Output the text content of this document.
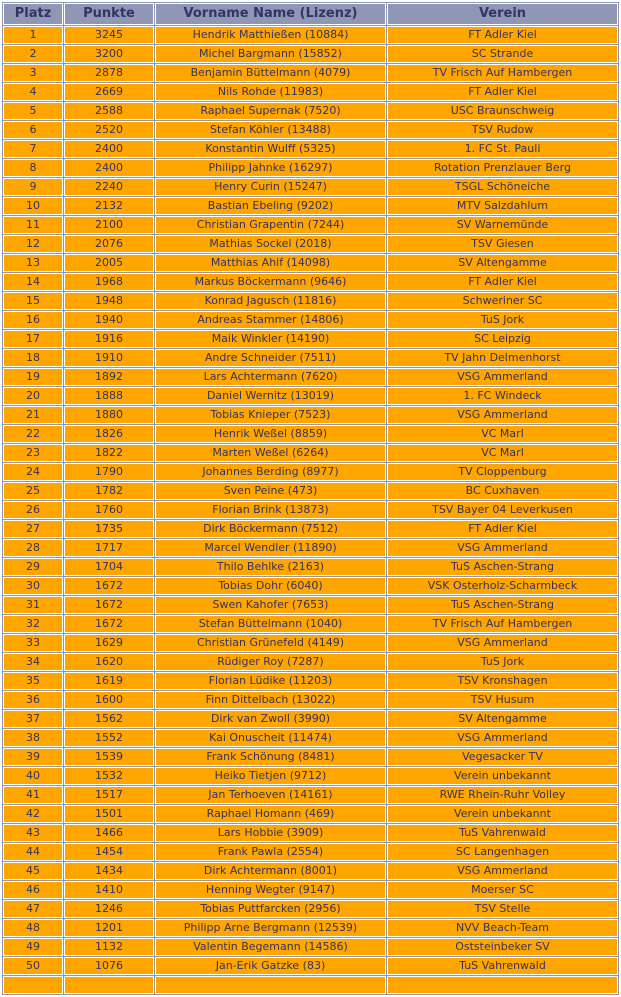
Platz	Punkte	Vorname Name (Lizenz)	Verein
1	3245	Hendrik Matthießen (10884)	FT Adler Kiel
2	3200	Michel Bargmann (15852)	SC Strande
3	2878	Benjamin Büttelmann (4079)	TV Frisch Auf Hambergen
4	2669	Nils Rohde (11983)	FT Adler Kiel
5	2588	Raphael Supernak (7520)	USC Braunschweig
6	2520	Stefan Köhler (13488)	TSV Rudow
7	2400	Konstantin Wulff (5325)	1. FC St. Pauli
8	2400	Philipp Jahnke (16297)	Rotation Prenzlauer Berg
9	2240	Henry Curin (15247)	TSGL Schöneiche
10	2132	Bastian Ebeling (9202)	MTV Salzdahlum
11	2100	Christian Grapentin (7244)	SV Warnemünde
12	2076	Mathias Sockel (2018)	TSV Giesen
13	2005	Matthias Ahlf (14098)	SV Altengamme
14	1968	Markus Böckermann (9646)	FT Adler Kiel
15	1948	Konrad Jagusch (11816)	Schweriner SC
16	1940	Andreas Stammer (14806)	TuS Jork
17	1916	Maik Winkler (14190)	SC Leipzig
18	1910	Andre Schneider (7511)	TV Jahn Delmenhorst
19	1892	Lars Achtermann (7620)	VSG Ammerland
20	1888	Daniel Wernitz (13019)	1. FC Windeck
21	1880	Tobias Knieper (7523)	VSG Ammerland
22	1826	Henrik Weßel (8859)	VC Marl
23	1822	Marten Weßel (6264)	VC Marl
24	1790	Johannes Berding (8977)	TV Cloppenburg
25	1782	Sven Peine (473)	BC Cuxhaven
26	1760	Florian Brink (13873)	TSV Bayer 04 Leverkusen
27	1735	Dirk Böckermann (7512)	FT Adler Kiel
28	1717	Marcel Wendler (11890)	VSG Ammerland
29	1704	Thilo Behlke (2163)	TuS Aschen-Strang
30	1672	Tobias Dohr (6040)	VSK Osterholz-Scharmbeck
31	1672	Swen Kahofer (7653)	TuS Aschen-Strang
32	1672	Stefan Büttelmann (1040)	TV Frisch Auf Hambergen
33	1629	Christian Grünefeld (4149)	VSG Ammerland
34	1620	Rüdiger Roy (7287)	TuS Jork
35	1619	Florian Lüdike (11203)	TSV Kronshagen
36	1600	Finn Dittelbach (13022)	TSV Husum
37	1562	Dirk van Zwoll (3990)	SV Altengamme
38	1552	Kai Onuscheit (11474)	VSG Ammerland
39	1539	Frank Schönung (8481)	Vegesacker TV
40	1532	Heiko Tietjen (9712)	Verein unbekannt
41	1517	Jan Terhoeven (14161)	RWE Rhein-Ruhr Volley
42	1501	Raphael Homann (469)	Verein unbekannt
43	1466	Lars Hobbie (3909)	TuS Vahrenwald
44	1454	Frank Pawla (2554)	SC Langenhagen
45	1434	Dirk Achtermann (8001)	VSG Ammerland
46	1410	Henning Wegter (9147)	Moerser SC
47	1246	Tobias Puttfarcken (2956)	TSV Stelle
48	1201	Philipp Arne Bergmann (12539)	NVV Beach-Team
49	1132	Valentin Begemann (14586)	Oststeinbeker SV
50	1076	Jan-Erik Gatzke (83)	TuS Vahrenwald
